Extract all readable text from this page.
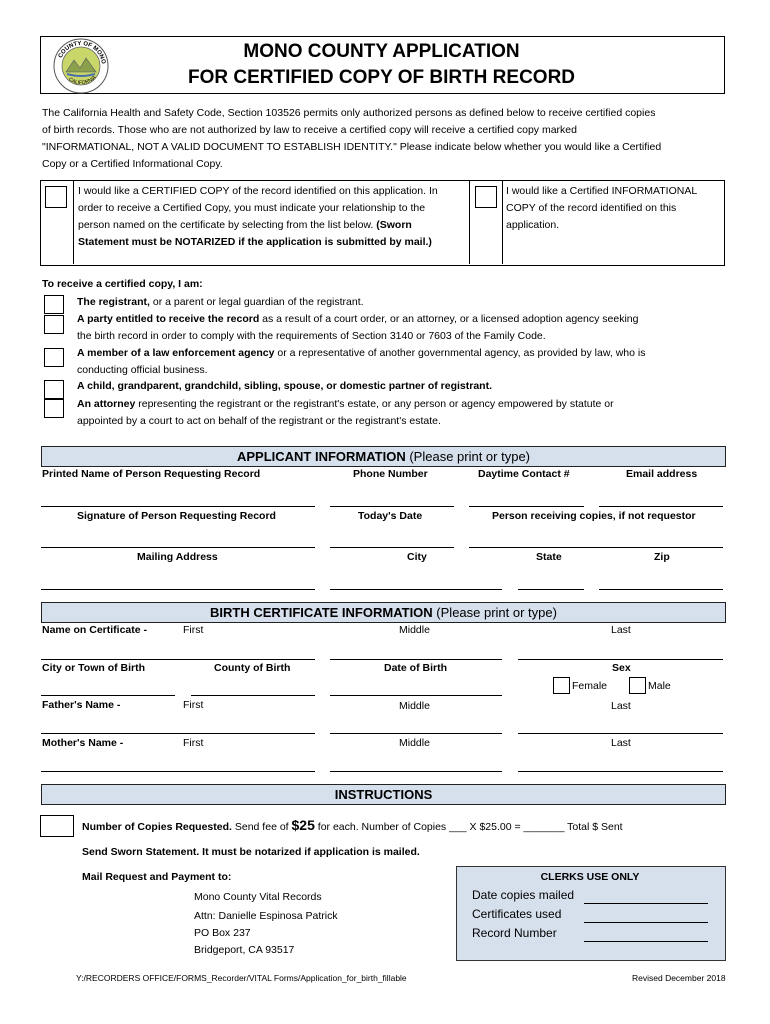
COUNTY OF MONO
CALIFORNIA
MONO COUNTY APPLICATION
FOR CERTIFIED COPY OF BIRTH RECORD
The California Health and Safety Code, Section 103526 permits only authorized persons as defined below to receive certified copies
of birth records. Those who are not authorized by law to receive a certified copy will receive a certified copy marked
"INFORMATIONAL, NOT A VALID DOCUMENT TO ESTABLISH IDENTITY." Please indicate below whether you would like a Certified
Copy or a Certified Informational Copy.
I would like a CERTIFIED COPY of the record identified on this application. In
order to receive a Certified Copy, you must indicate your relationship to the
person named on the certificate by selecting from the list below. (Sworn
Statement must be NOTARIZED if the application is submitted by mail.)
I would like a Certified INFORMATIONAL
COPY of the record identified on this
application.
To receive a certified copy, I am:
The registrant, or a parent or legal guardian of the registrant.
A party entitled to receive the record as a result of a court order, or an attorney, or a licensed adoption agency seeking
the birth record in order to comply with the requirements of Section 3140 or 7603 of the Family Code.
A member of a law enforcement agency or a representative of another governmental agency, as provided by law, who is
conducting official business.
A child, grandparent, grandchild, sibling, spouse, or domestic partner of registrant.
An attorney representing the registrant or the registrant's estate, or any person or agency empowered by statute or
appointed by a court to act on behalf of the registrant or the registrant's estate.
APPLICANT INFORMATION (Please print or type)
Printed Name of Person Requesting Record	Phone Number	Daytime Contact #	Email address
Signature of Person Requesting Record	Today's Date	Person receiving copies, if not requestor
Mailing Address	City	State	Zip
BIRTH CERTIFICATE INFORMATION (Please print or type)
Name on Certificate -	First	Middle	Last
City or Town of Birth	County of Birth	Date of Birth	Sex
Female	Male
Father's Name -	First	Middle	Last
Mother's Name -	First	Middle	Last
INSTRUCTIONS
Number of Copies Requested. Send fee of $25 for each. Number of Copies ___ X $25.00 = _______ Total $ Sent
Send Sworn Statement. It must be notarized if application is mailed.
Mail Request and Payment to:
Mono County Vital Records
Attn: Danielle Espinosa Patrick
PO Box 237
Bridgeport, CA 93517
CLERKS USE ONLY
Date copies mailed
Certificates used
Record Number
Y:/RECORDERS OFFICE/FORMS_Recorder/VITAL Forms/Application_for_birth_fillable	Revised December 2018
